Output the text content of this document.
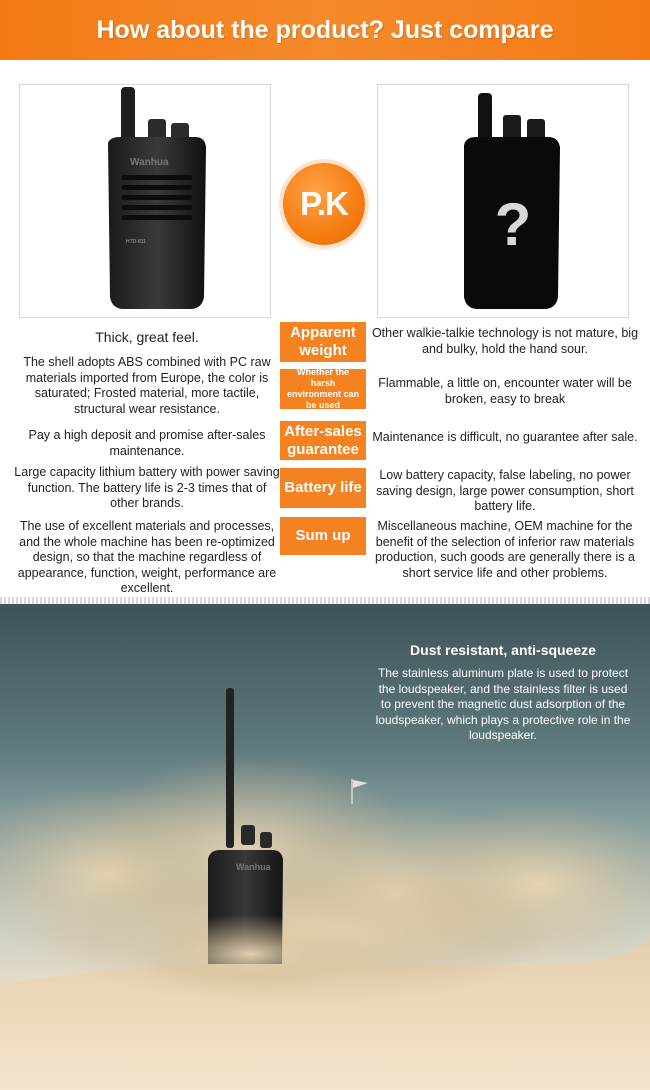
How about the product? Just compare
Wanhua
HTD-811
P.K ?
Thick, great feel.	Apparent weight
Other walkie-talkie technology is not mature, big and bulky, hold the hand sour.
The shell adopts ABS combined with PC raw materials imported from Europe, the color is saturated; Frosted material, more tactile, structural wear resistance.
Whether the harsh environment can be used
Flammable, a little on, encounter water will be broken, easy to break
Pay a high deposit and promise after-sales maintenance.
After-sales guarantee
Maintenance is difficult, no guarantee after sale.
Large capacity lithium battery with power saving function. The battery life is 2-3 times that of other brands.
Battery life
Low battery capacity, false labeling, no power saving design, large power consumption, short battery life.
The use of excellent materials and processes, and the whole machine has been re-optimized design, so that the machine regardless of appearance, function, weight, performance are excellent.
Sum up
Miscellaneous machine, OEM machine for the benefit of the selection of inferior raw materials production, such goods are generally there is a short service life and other problems.
Wanhua
Dust resistant, anti-squeeze
The stainless aluminum plate is used to protect the loudspeaker, and the stainless filter is used to prevent the magnetic dust adsorption of the loudspeaker, which plays a protective role in the loudspeaker.
